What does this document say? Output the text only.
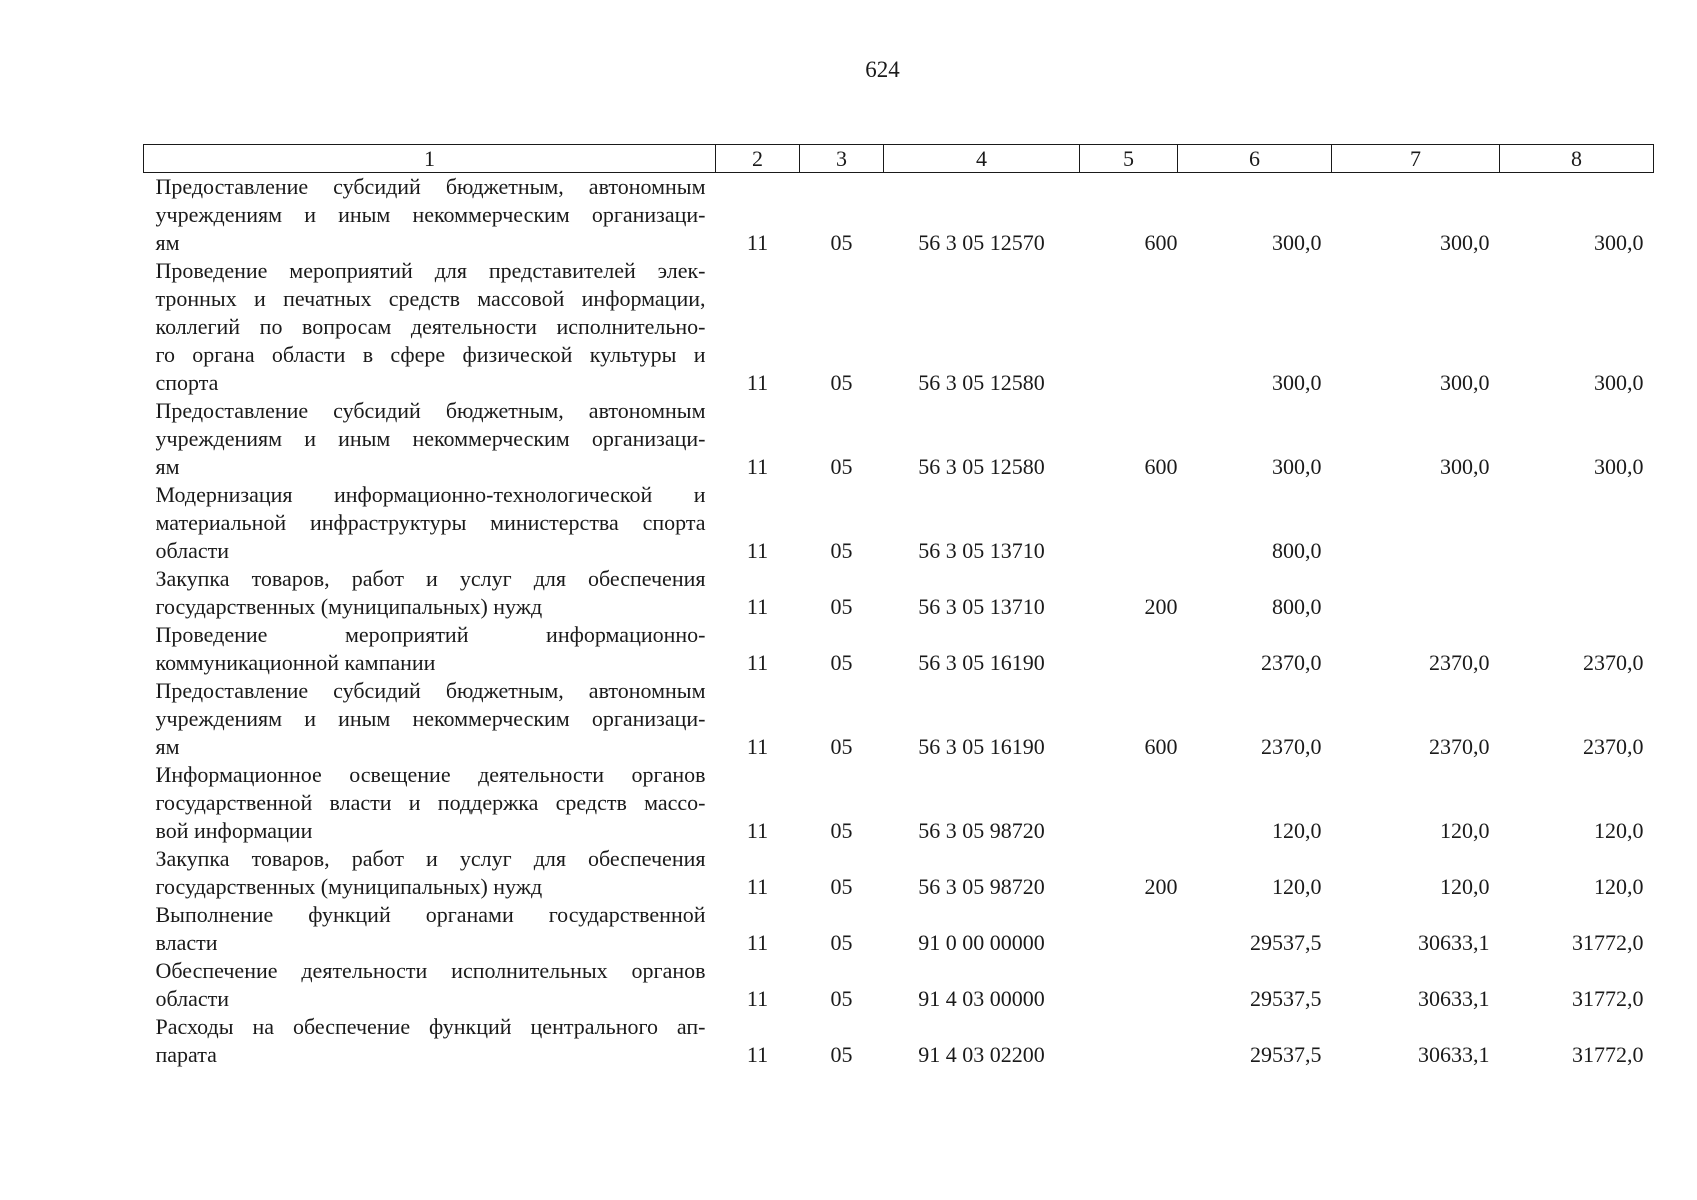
624
1	2	3	4	5	6	7	8

Предоставление субсидий бюджетным, автономным
учреждениям и иным некоммерческим организаци-
ям	11	05	56 3 05 12570	600	300,0	300,0	300,0

Проведение мероприятий для представителей элек-
тронных и печатных средств массовой информации,
коллегий по вопросам деятельности исполнительно-
го органа области в сфере физической культуры и
спорта	11	05	56 3 05 12580		300,0	300,0	300,0

Предоставление субсидий бюджетным, автономным
учреждениям и иным некоммерческим организаци-
ям	11	05	56 3 05 12580	600	300,0	300,0	300,0

Модернизация информационно-технологической и
материальной инфраструктуры министерства спорта
области	11	05	56 3 05 13710		800,0		

Закупка товаров, работ и услуг для обеспечения
государственных (муниципальных) нужд	11	05	56 3 05 13710	200	800,0		

Проведение мероприятий информационно-
коммуникационной кампании	11	05	56 3 05 16190		2370,0	2370,0	2370,0

Предоставление субсидий бюджетным, автономным
учреждениям и иным некоммерческим организаци-
ям	11	05	56 3 05 16190	600	2370,0	2370,0	2370,0

Информационное освещение деятельности органов
государственной власти и поддержка средств массо-
вой информации	11	05	56 3 05 98720		120,0	120,0	120,0

Закупка товаров, работ и услуг для обеспечения
государственных (муниципальных) нужд	11	05	56 3 05 98720	200	120,0	120,0	120,0

Выполнение функций органами государственной
власти	11	05	91 0 00 00000		29537,5	30633,1	31772,0

Обеспечение деятельности исполнительных органов
области	11	05	91 4 03 00000		29537,5	30633,1	31772,0

Расходы на обеспечение функций центрального ап-
парата	11	05	91 4 03 02200		29537,5	30633,1	31772,0
